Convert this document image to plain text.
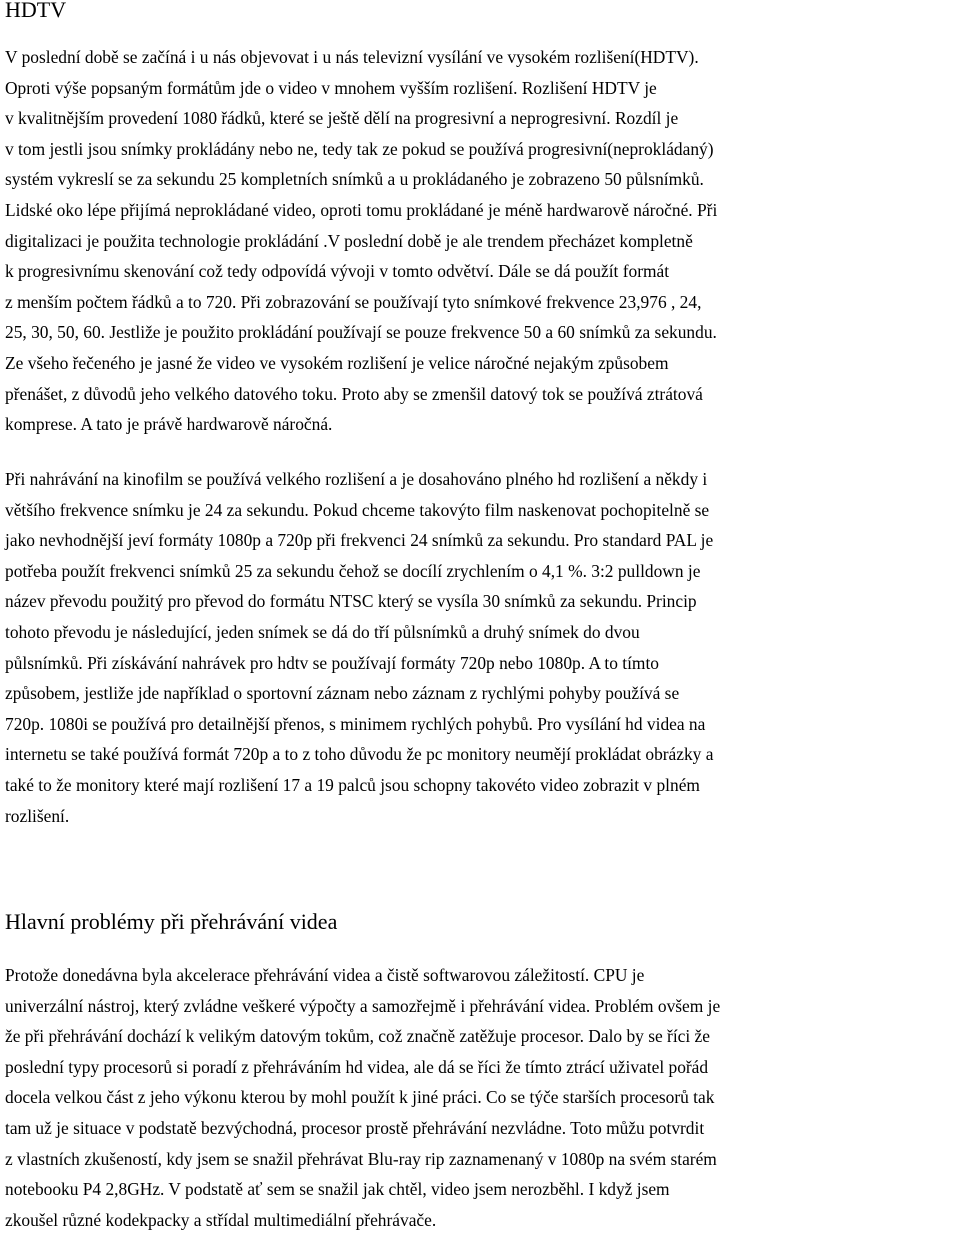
HDTV
V poslední době se začíná i u nás objevovat i u nás televizní vysílání ve vysokém rozlišení(HDTV).
Oproti výše popsaným formátům jde o video v mnohem vyšším rozlišení. Rozlišení HDTV je
v kvalitnějším provedení 1080 řádků, které se ještě dělí na progresivní a neprogresivní. Rozdíl je
v tom jestli jsou snímky prokládány nebo ne, tedy tak ze pokud se používá progresivní(neprokládaný)
systém vykreslí se za sekundu 25 kompletních snímků a u prokládaného je zobrazeno 50 půlsnímků.
Lidské oko lépe přijímá neprokládané video, oproti tomu prokládané je méně hardwarově náročné. Při
digitalizaci je použita technologie prokládání .V poslední době je ale trendem přecházet kompletně
k progresivnímu skenování což tedy odpovídá vývoji v tomto odvětví. Dále se dá použít formát
z menším počtem řádků a to 720. Při zobrazování se používají tyto snímkové frekvence 23,976 , 24,
25, 30, 50, 60. Jestliže je použito prokládání používají se pouze frekvence 50 a 60 snímků za sekundu.
Ze všeho řečeného je jasné že video ve vysokém rozlišení je velice náročné nejakým způsobem
přenášet, z důvodů jeho velkého datového toku. Proto aby se zmenšil datový tok se používá ztrátová
komprese. A tato je právě hardwarově náročná.
Při nahrávání na kinofilm se používá velkého rozlišení a je dosahováno plného hd rozlišení a někdy i
většího frekvence snímku je 24 za sekundu. Pokud chceme takovýto film naskenovat pochopitelně se
jako nevhodnější jeví formáty 1080p a 720p při frekvenci 24 snímků za sekundu. Pro standard PAL je
potřeba použít frekvenci snímků 25 za sekundu čehož se docílí zrychlením o 4,1 %. 3:2 pulldown je
název převodu použitý pro převod do formátu NTSC který se vysíla 30 snímků za sekundu. Princip
tohoto převodu je následující, jeden snímek se dá do tří půlsnímků a druhý snímek do dvou
půlsnímků. Při získávání nahrávek pro hdtv se používají formáty 720p nebo 1080p. A to tímto
způsobem, jestliže jde například o sportovní záznam nebo záznam z rychlými pohyby používá se
720p. 1080i se používá pro detailnější přenos, s minimem rychlých pohybů. Pro vysílání hd videa na
internetu se také používá formát 720p a to z toho důvodu že pc monitory neumějí prokládat obrázky a
také to že monitory které mají rozlišení 17 a 19 palců jsou schopny takovéto video zobrazit v plném
rozlišení.
Hlavní problémy při přehrávání videa
Protože donedávna byla akcelerace přehrávání videa a čistě softwarovou záležitostí. CPU je
univerzální nástroj, který zvládne veškeré výpočty a samozřejmě i přehrávání videa. Problém ovšem je
že při přehrávání dochází k velikým datovým tokům, což značně zatěžuje procesor. Dalo by se říci že
poslední typy procesorů si poradí z přehráváním hd videa, ale dá se říci že tímto ztrácí uživatel pořád
docela velkou část z jeho výkonu kterou by mohl použít k jiné práci. Co se týče starších procesorů tak
tam už je situace v podstatě bezvýchodná, procesor prostě přehrávání nezvládne. Toto můžu potvrdit
z vlastních zkušeností, kdy jsem se snažil přehrávat Blu-ray rip zaznamenaný v 1080p na svém starém
notebooku P4 2,8GHz. V podstatě ať sem se snažil jak chtěl, video jsem nerozběhl. I když jsem
zkoušel různé kodekpacky a střídal multimediální přehrávače.
